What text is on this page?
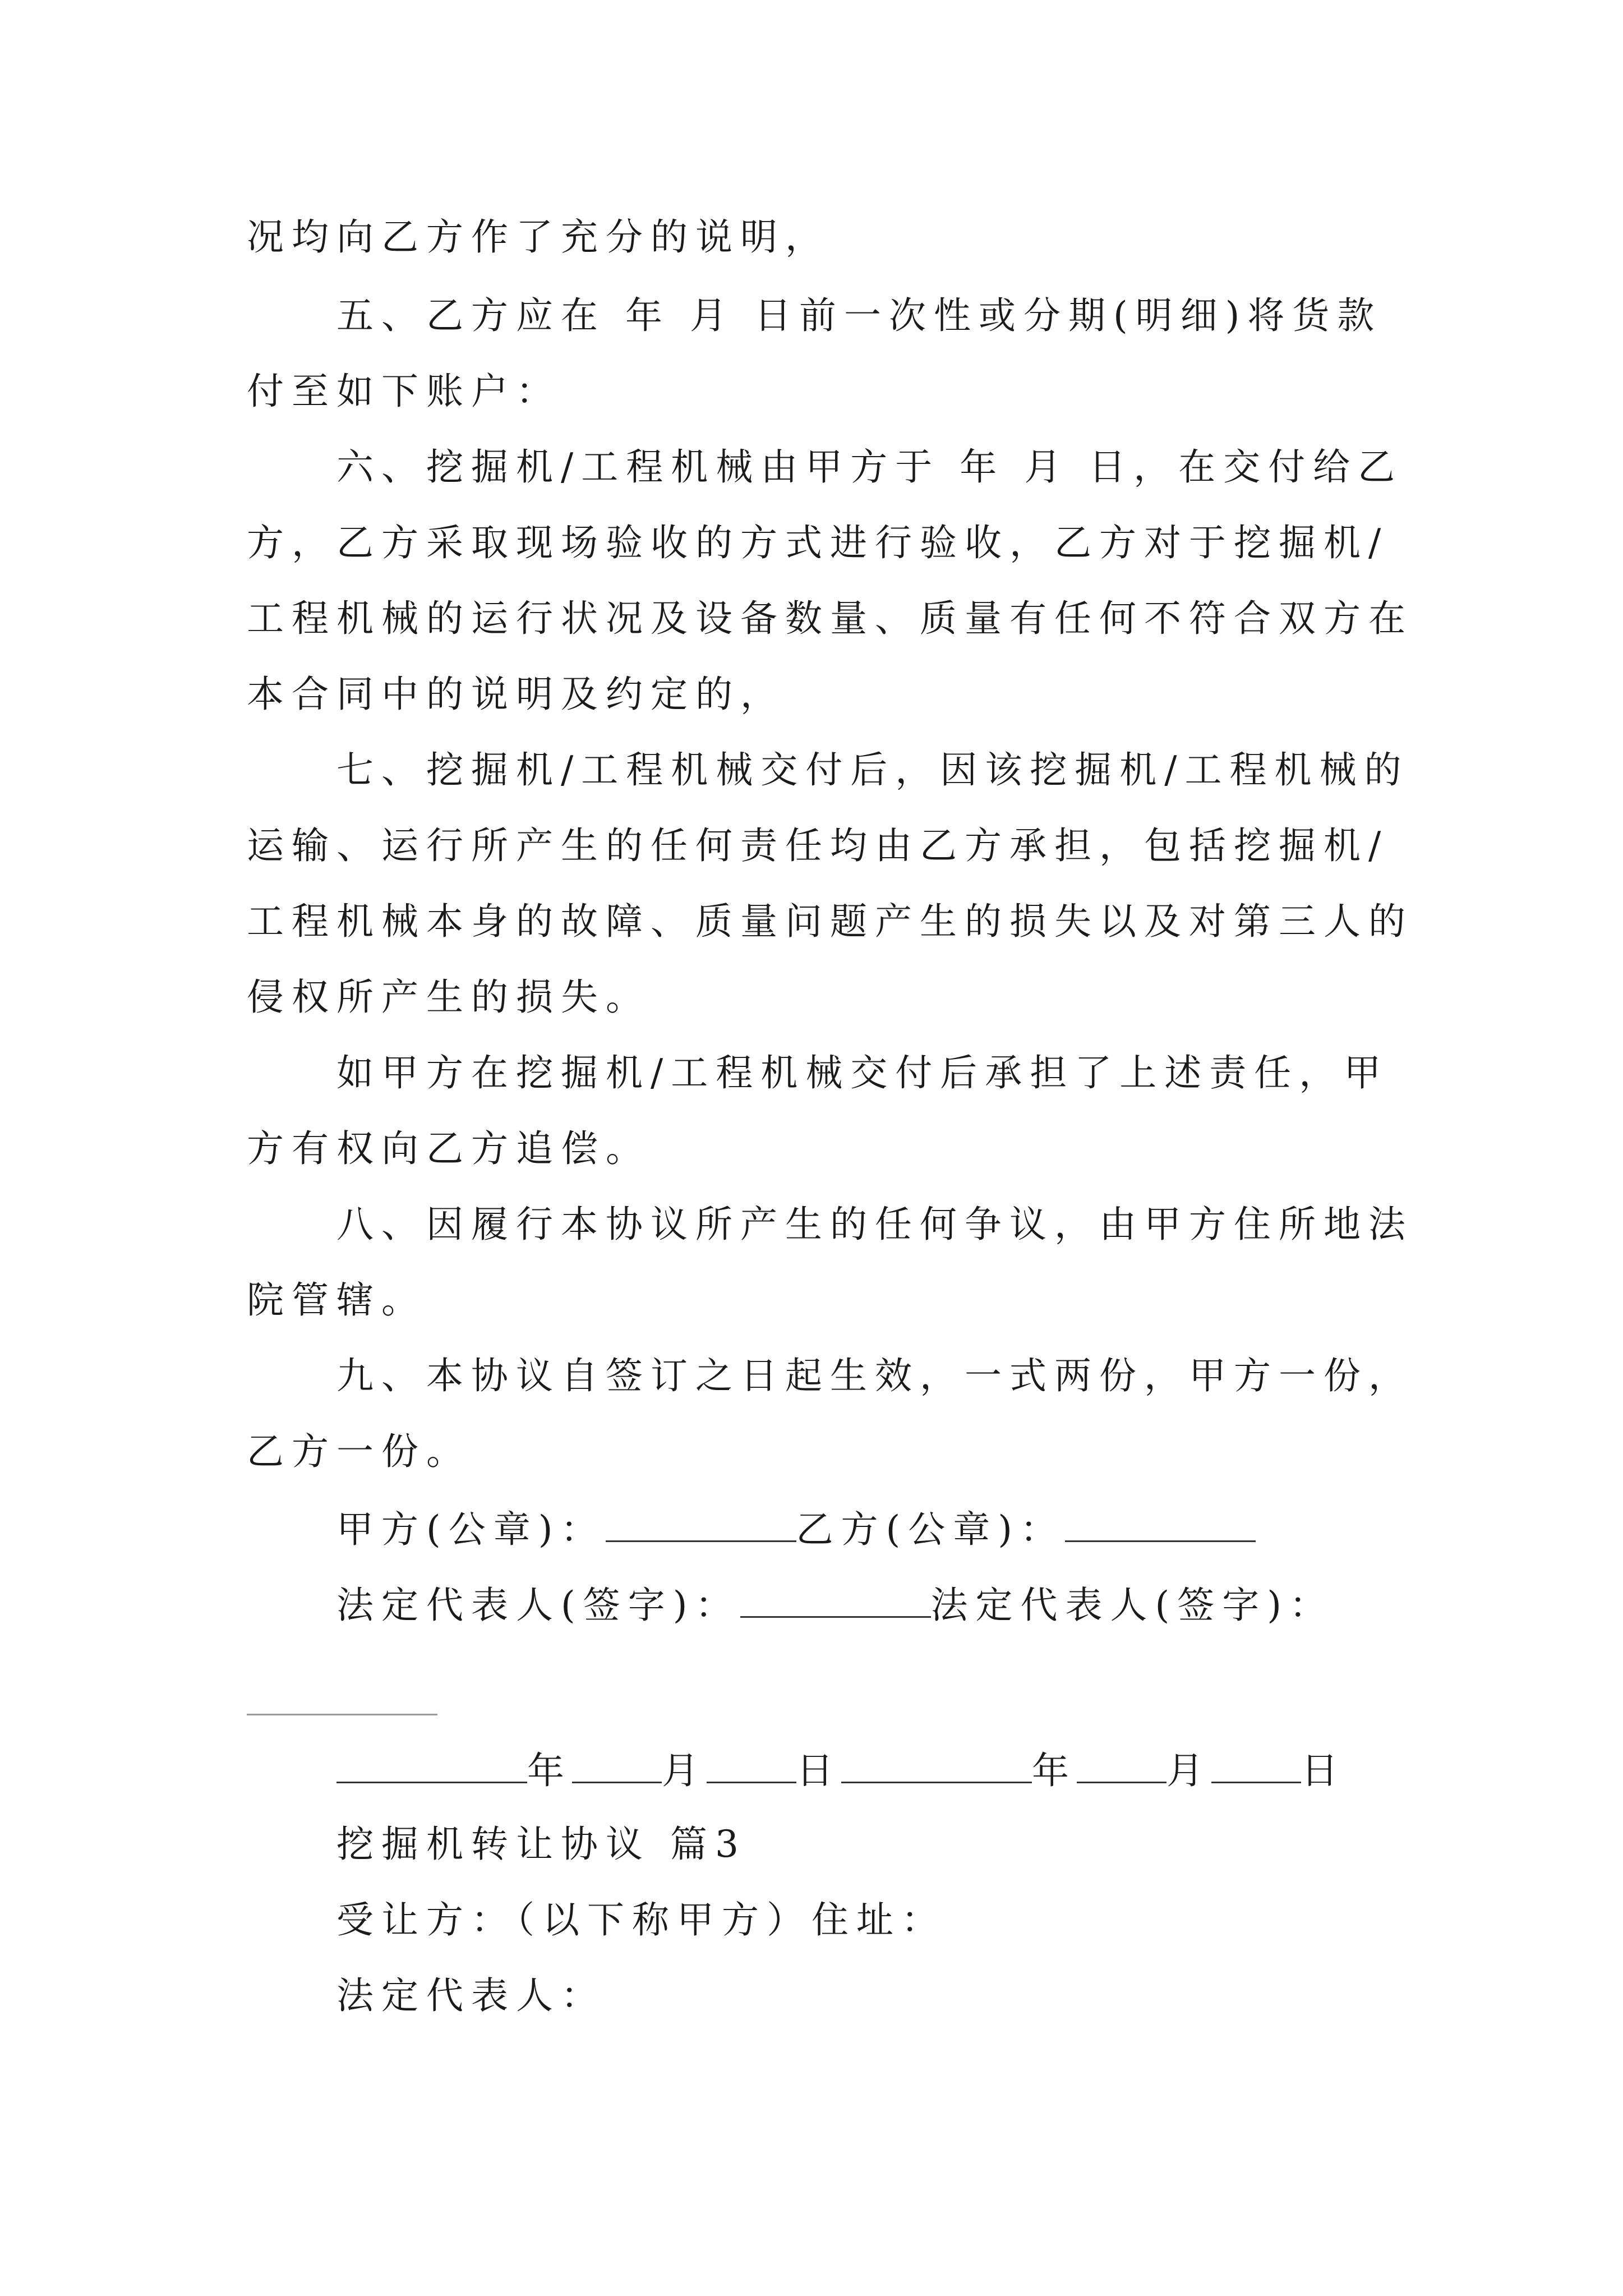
况均向乙方作了充分的说明，
五、乙方应在 年 月 日前一次性或分期(明细)将货款
付至如下账户：
六、挖掘机/工程机械由甲方于 年 月 日，在交付给乙
方，乙方采取现场验收的方式进行验收，乙方对于挖掘机/
工程机械的运行状况及设备数量、质量有任何不符合双方在
本合同中的说明及约定的，
七、挖掘机/工程机械交付后，因该挖掘机/工程机械的
运输、运行所产生的任何责任均由乙方承担，包括挖掘机/
工程机械本身的故障、质量问题产生的损失以及对第三人的
侵权所产生的损失。
如甲方在挖掘机/工程机械交付后承担了上述责任，甲
方有权向乙方追偿。
八、因履行本协议所产生的任何争议，由甲方住所地法
院管辖。
九、本协议自签订之日起生效，一式两份，甲方一份，
乙方一份。
甲方(公章)：	乙方(公章)：
法定代表人(签字)：	法定代表人(签字)：
年 月 日	年 月 日
挖掘机转让协议 篇3
受让方：（以下称甲方）住址：
法定代表人：
